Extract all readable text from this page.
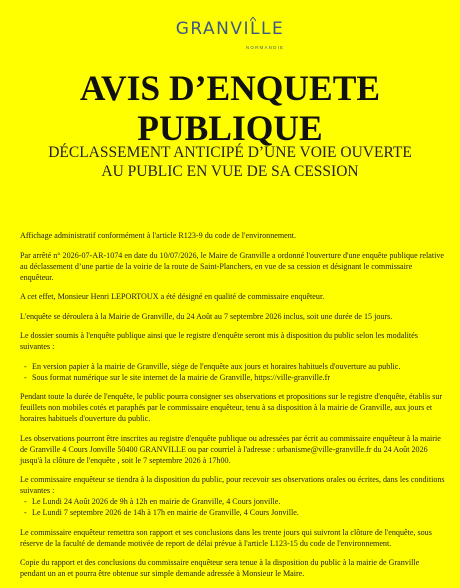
GRANVILLE
NORMANDIE
AVIS D’ENQUETE PUBLIQUE
DÉCLASSEMENT ANTICIPÉ D’UNE VOIE OUVERTE AU PUBLIC EN VUE DE SA CESSION

Affichage administratif conformément à l'article R123-9 du code de l'environnement.

Par arrêté n° 2026-07-AR-1074 en date du 10/07/2026, le Maire de Granville a ordonné l'ouverture d'une enquête publique relative au déclassement d’une partie de la voirie de la route de Saint-Planchers, en vue de sa cession et désignant le commissaire enquêteur.

A cet effet, Monsieur Henri LEPORTOUX a été désigné en qualité de commissaire enquêteur.

L'enquête se déroulera à la Mairie de Granville, du 24 Août au 7 septembre 2026 inclus, soit une durée de 15 jours.

Le dossier soumis à l'enquête publique ainsi que le registre d'enquête seront mis à disposition du public selon les modalités suivantes :

- En version papier à la mairie de Granville, siège de l'enquête aux jours et horaires habituels d'ouverture au public.
- Sous format numérique sur le site internet de la mairie de Granville, https://ville-granville.fr

Pendant toute la durée de l'enquête, le public pourra consigner ses observations et propositions sur le registre d'enquête, établis sur feuillets non mobiles cotés et paraphés par le commissaire enquêteur, tenu à sa disposition à la mairie de Granville, aux jours et horaires habituels d'ouverture du public.

Les observations pourront être inscrites au registre d'enquête publique ou adressées par écrit au commissaire enquêteur à la mairie de Granville 4 Cours Jonville 50400 GRANVILLE ou par courriel à l'adresse : urbanisme@ville-granville.fr du 24 Août 2026 jusqu'à la clôture de l'enquête , soit le 7 septembre 2026 à 17h00.

Le commissaire enquêteur se tiendra à la disposition du public, pour recevoir ses observations orales ou écrites, dans les conditions suivantes :

- Le Lundi 24 Août 2026 de 9h à 12h en mairie de Granville, 4 Cours jonville.
- Le Lundi 7 septembre 2026 de 14h à 17h en mairie de Granville, 4 Cours Jonville.

Le commissaire enquêteur remettra son rapport et ses conclusions dans les trente jours qui suivront la clôture de l'enquête, sous réserve de la faculté de demande motivée de report de délai prévue à l'article L123-15 du code de l'environnement.

Copie du rapport et des conclusions du commissaire enquêteur sera tenue à la disposition du public à la mairie de Granville pendant un an et pourra être obtenue sur simple demande adressée à Monsieur le Maire.
